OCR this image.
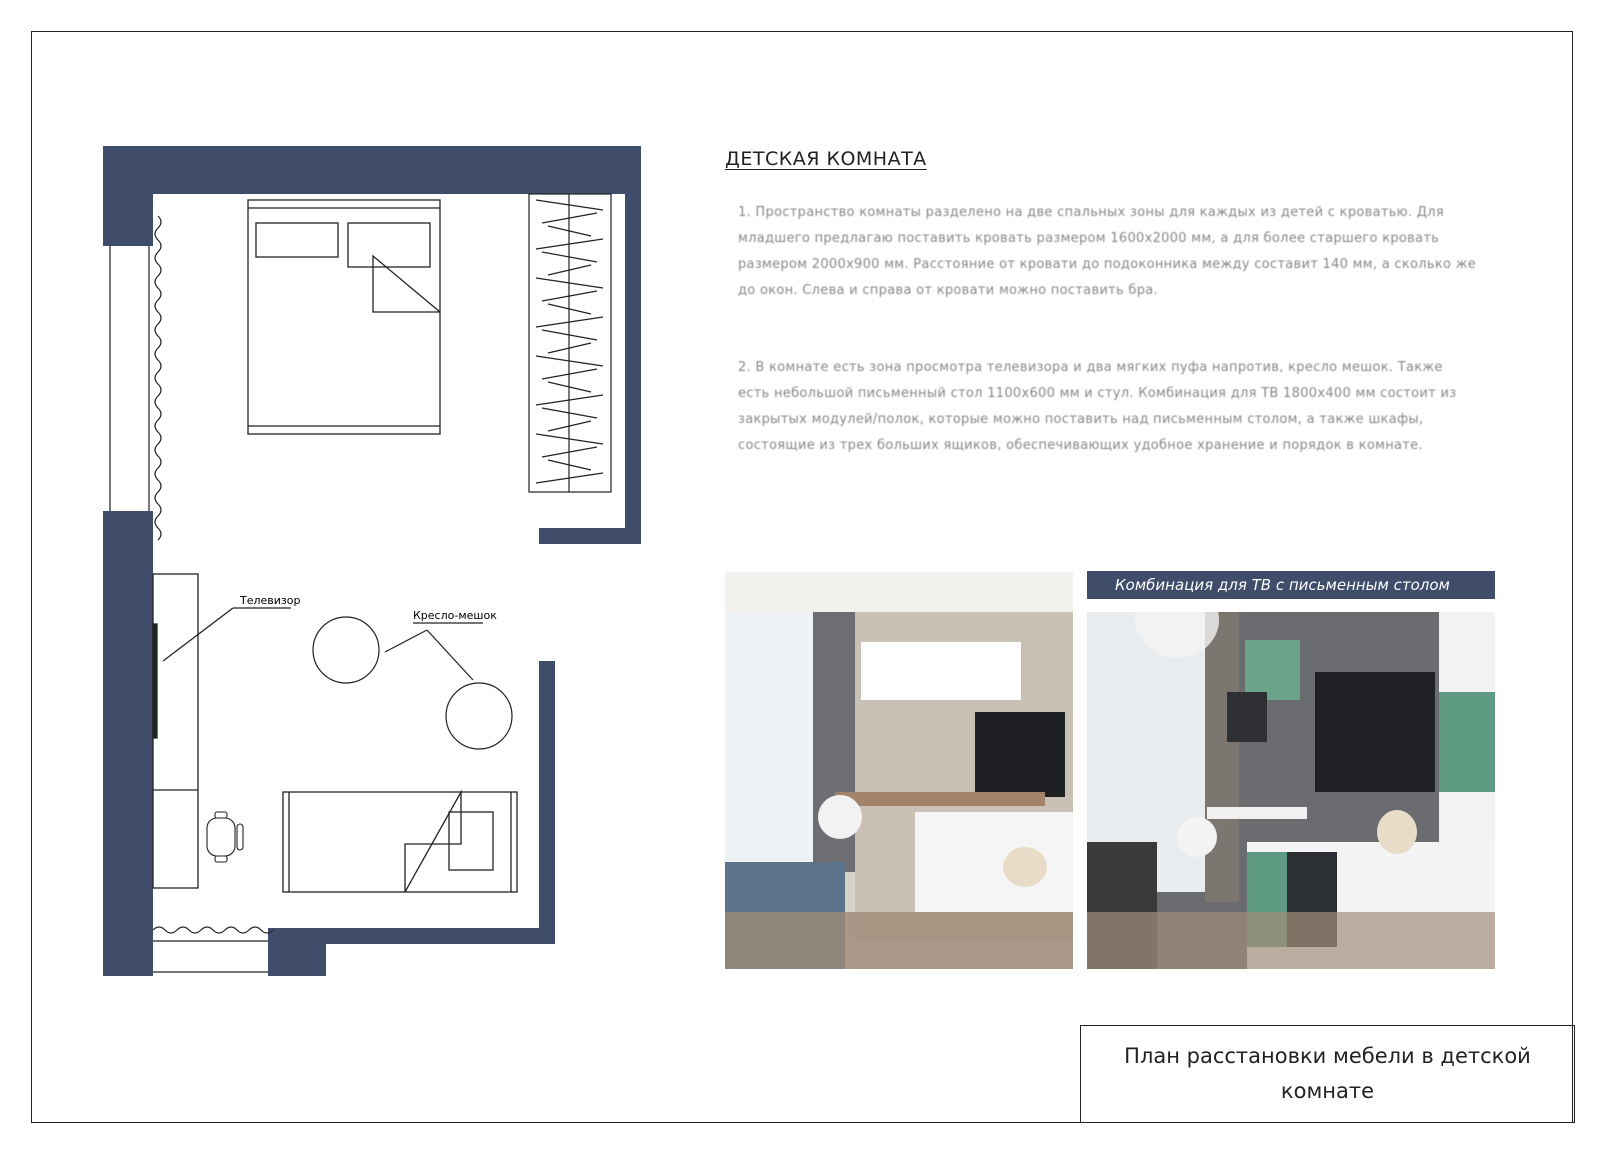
Телевизор
Кресло-мешок
ДЕТСКАЯ КОМНАТА
1. Пространство комнаты разделено на две спальных зоны для каждых из детей с кроватью. Для младшего предлагаю поставить кровать размером 1600х2000 мм, а для более старшего кровать размером 2000х900 мм. Расстояние от кровати до подоконника между составит 140 мм, а сколько же до окон. Слева и справа от кровати можно поставить бра.
2. В комнате есть зона просмотра телевизора и два мягких пуфа напротив, кресло мешок. Также есть небольшой письменный стол 1100х600 мм и стул. Комбинация для ТВ 1800х400 мм состоит из закрытых модулей/полок, которые можно поставить над письменным столом, а также шкафы, состоящие из трех больших ящиков, обеспечивающих удобное хранение и порядок в комнате.
Комбинация для ТВ с письменным столом
План расстановки мебели в детской комнате
